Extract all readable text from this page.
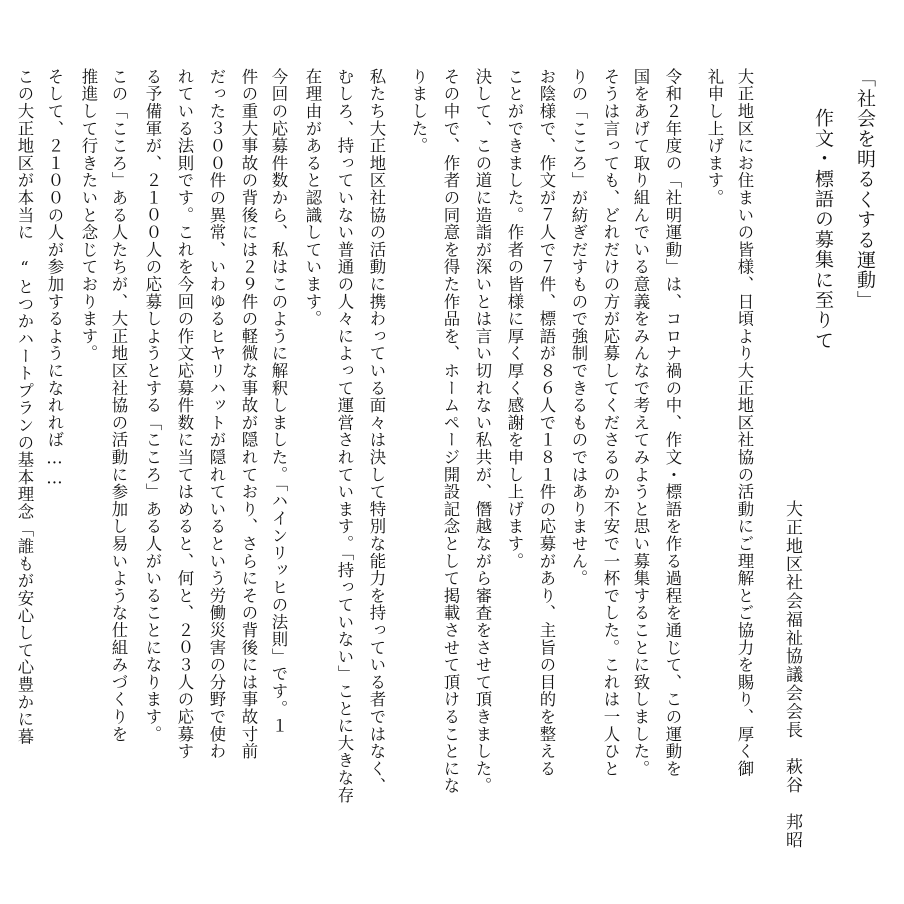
「社会を明るくする運動」
作文・標語の募集に至りて
大正地区社会福祉協議会会長　萩谷　邦昭
大正地区にお住まいの皆様、日頃より大正地区社協の活動にご理解とご協力を賜り、厚く御
礼申し上げます。
令和２年度の「社明運動」は、コロナ禍の中、作文・標語を作る過程を通じて、この運動を
国をあげて取り組んでいる意義をみんなで考えてみようと思い募集することに致しました。
そうは言っても、どれだけの方が応募してくださるのか不安で一杯でした。これは一人ひと
りの「こころ」が紡ぎだすもので強制できるものではありません。
お陰様で、作文が７人で７件、標語が８６人で１８１件の応募があり、主旨の目的を整える
ことができました。作者の皆様に厚く厚く感謝を申し上げます。
決して、この道に造詣が深いとは言い切れない私共が、僭越ながら審査をさせて頂きました。
その中で、作者の同意を得た作品を、ホームページ開設記念として掲載させて頂けることにな
りました。
私たち大正地区社協の活動に携わっている面々は決して特別な能力を持っている者ではなく、
むしろ、持っていない普通の人々によって運営されています。「持っていない」ことに大きな存
在理由があると認識しています。
今回の応募件数から、私はこのように解釈しました。「ハインリッヒの法則」です。１
件の重大事故の背後には２９件の軽微な事故が隠れており、さらにその背後には事故寸前
だった３００件の異常、いわゆるヒヤリハットが隠れているという労働災害の分野で使わ
れている法則です。これを今回の作文応募件数に当てはめると、何と、２０３人の応募す
る予備軍が、２１００人の応募しようとする「こころ」ある人がいることになります。
この「こころ」ある人たちが、大正地区社協の活動に参加し易いような仕組みづくりを
推進して行きたいと念じております。
そして、２１００の人が参加するようになれれば……
この大正地区が本当に　“とつかハートプランの基本理念「誰もが安心して心豊かに暮
